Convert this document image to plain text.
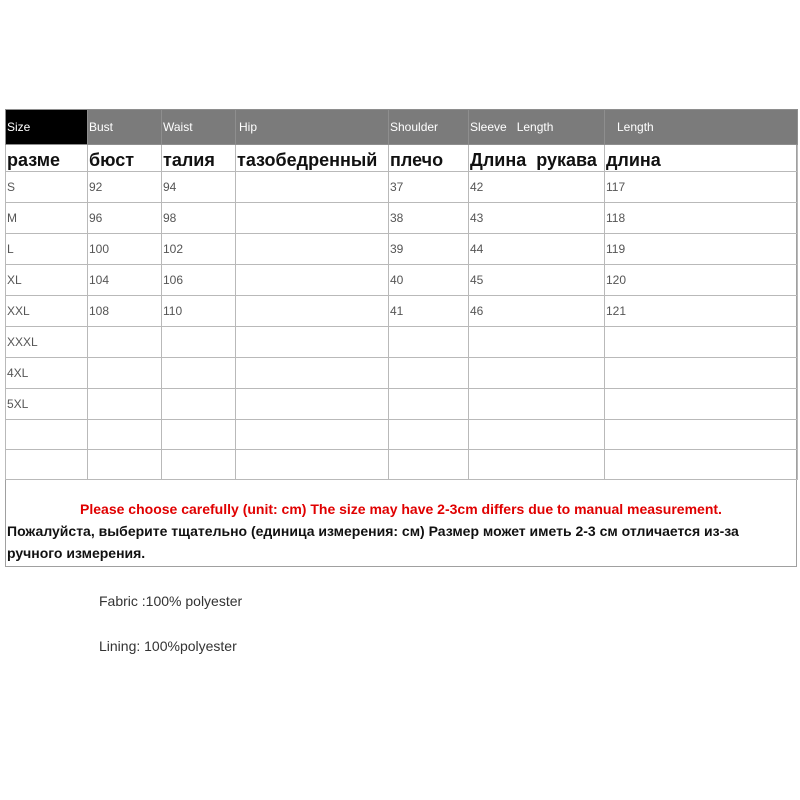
Size	Bust	Waist	Hip	Shoulder	Sleeve   Length	Length
разме	бюст	талия	тазобедренный	плечо	Длина  рукава	длина
S	92	94		37	42	117
M	96	98		38	43	118
L	100	102		39	44	119
XL	104	106		40	45	120
XXL	108	110		41	46	121
XXXL						
4XL						
5XL						

Please choose carefully (unit: cm) The size may have 2-3cm differs due to manual measurement.
Пожалуйста, выберите тщательно (единица измерения: см) Размер может иметь 2-3 см отличается из-за ручного измерения.
Fabric :100% polyester
Lining: 100%polyester
